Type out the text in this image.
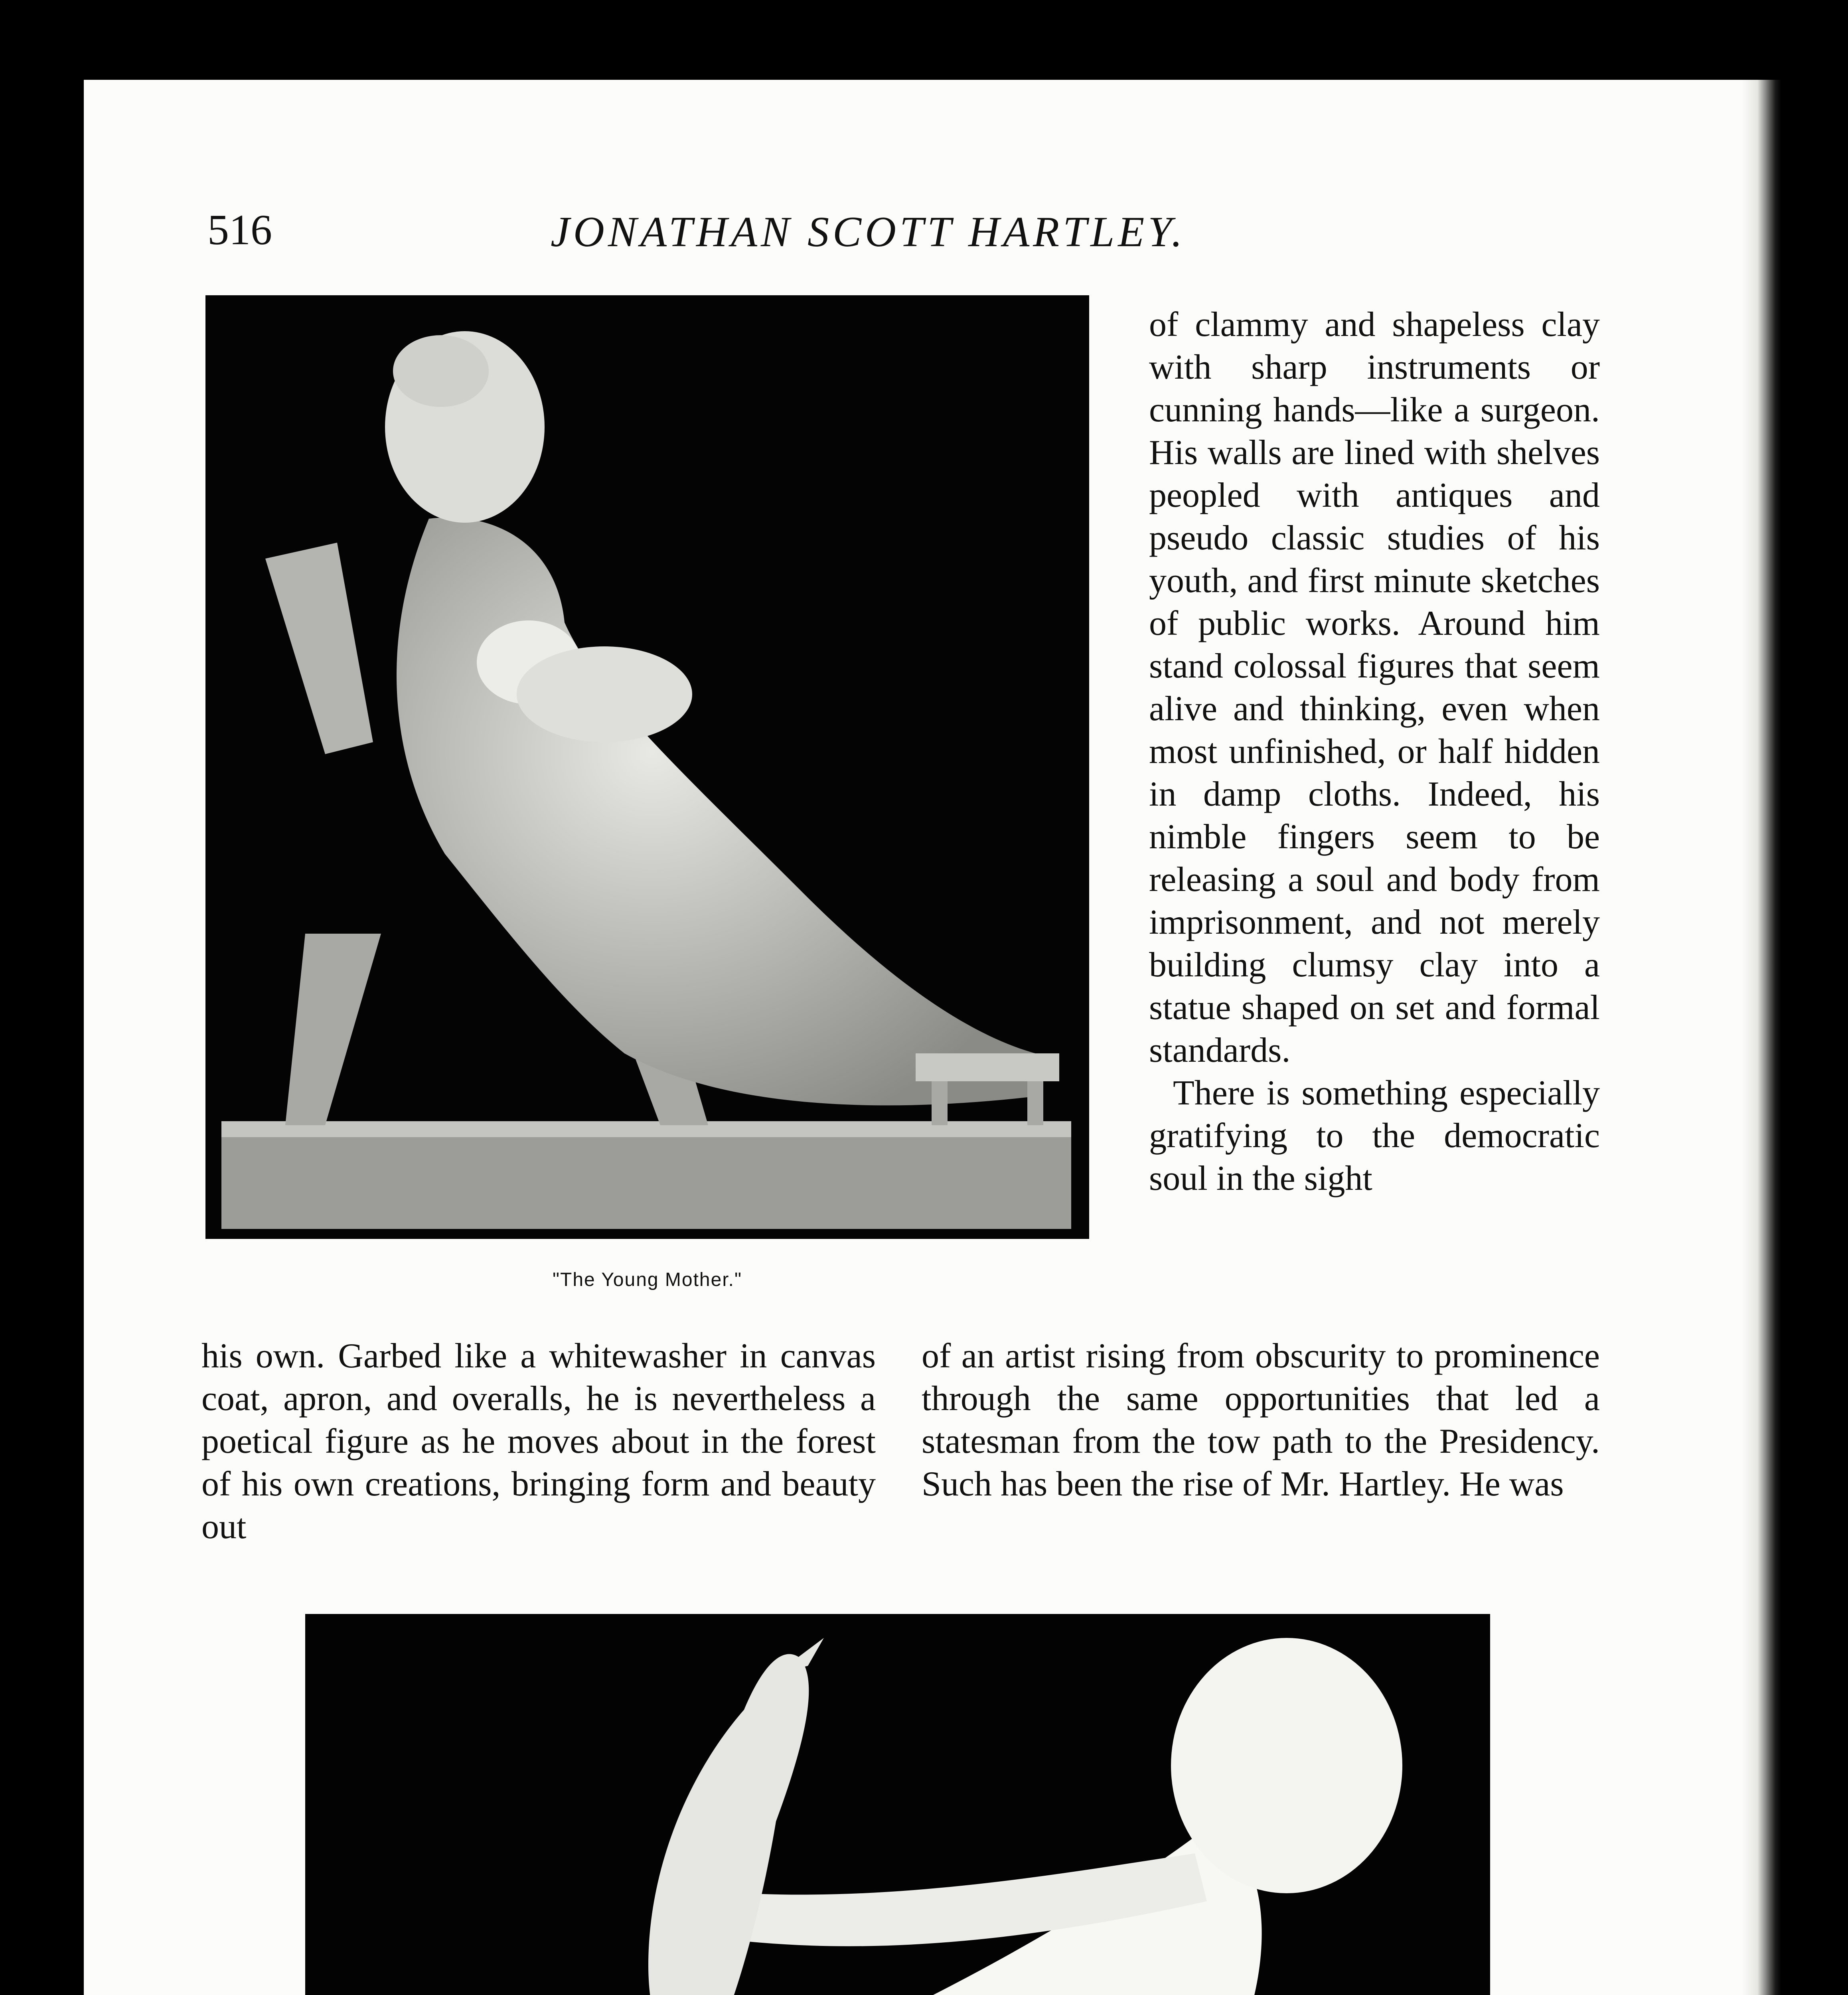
516	JONATHAN SCOTT HARTLEY.
"The Young Mother."

of clammy and shapeless clay with sharp instruments or cunning hands—like a surgeon. His walls are lined with shelves peopled with antiques and pseudo classic studies of his youth, and first minute sketches of public works. Around him stand colossal figures that seem alive and thinking, even when most unfinished, or half hidden in damp cloths. Indeed, his nimble fingers seem to be releasing a soul and body from imprisonment, and not merely building clumsy clay into a statue shaped on set and formal standards.

There is something especially gratifying to the democratic soul in the sight

his own. Garbed like a whitewasher in canvas coat, apron, and overalls, he is nevertheless a poetical figure as he moves about in the forest of his own creations, bringing form and beauty out
of an artist rising from obscurity to prominence through the same opportunities that led a statesman from the tow path to the Presidency. Such has been the rise of Mr. Hartley. He was
